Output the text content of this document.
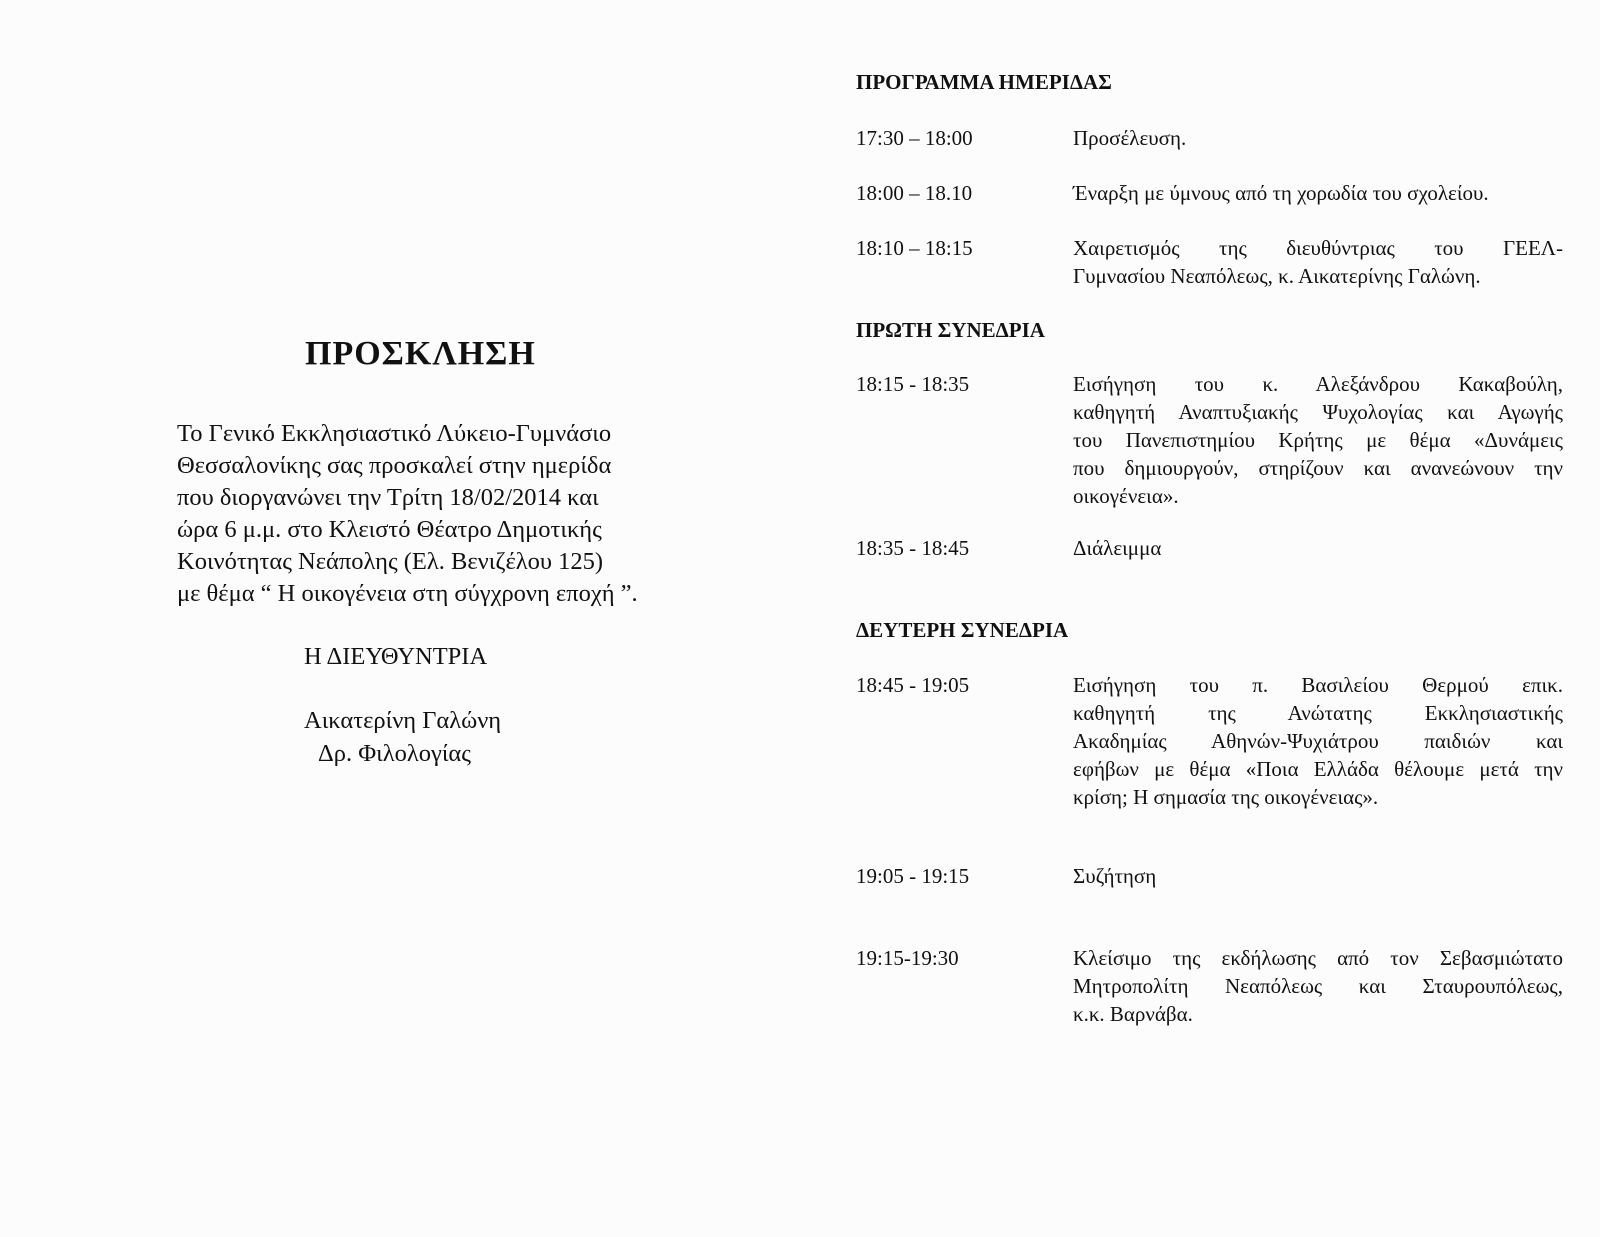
ΠΡΟΣΚΛΗΣΗ
Το Γενικό Εκκλησιαστικό Λύκειο-Γυμνάσιο
Θεσσαλονίκης σας προσκαλεί στην ημερίδα
που διοργανώνει την Τρίτη 18/02/2014 και
ώρα 6 μ.μ. στο Κλειστό Θέατρο Δημοτικής
Κοινότητας Νεάπολης (Ελ. Βενιζέλου 125)
με θέμα “ Η οικογένεια στη σύγχρονη εποχή ”.
Η ΔΙΕΥΘΥΝΤΡΙΑ
Αικατερίνη Γαλώνη
Δρ. Φιλολογίας
ΠΡΟΓΡΑΜΜΑ ΗΜΕΡΙΔΑΣ
17:30 – 18:00	Προσέλευση.
18:00 – 18.10	Έναρξη με ύμνους από τη χορωδία του σχολείου.
18:10 – 18:15	Χαιρετισμός της διευθύντριας του ΓΕΕΛ-
Γυμνασίου Νεαπόλεως, κ. Αικατερίνης Γαλώνη.
ΠΡΩΤΗ ΣΥΝΕΔΡΙΑ
18:15 - 18:35	Εισήγηση του κ. Αλεξάνδρου Κακαβούλη,
καθηγητή Αναπτυξιακής Ψυχολογίας και Αγωγής
του Πανεπιστημίου Κρήτης με θέμα «Δυνάμεις
που δημιουργούν, στηρίζουν και ανανεώνουν την
οικογένεια».
18:35 - 18:45	Διάλειμμα
ΔΕΥΤΕΡΗ ΣΥΝΕΔΡΙΑ
18:45 - 19:05	Εισήγηση του π. Βασιλείου Θερμού επικ.
καθηγητή της Ανώτατης Εκκλησιαστικής
Ακαδημίας Αθηνών-Ψυχιάτρου παιδιών και
εφήβων με θέμα «Ποια Ελλάδα θέλουμε μετά την
κρίση; Η σημασία της οικογένειας».
19:05 - 19:15	Συζήτηση
19:15-19:30	Κλείσιμο της εκδήλωσης από τον Σεβασμιώτατο
Μητροπολίτη Νεαπόλεως και Σταυρουπόλεως,
κ.κ. Βαρνάβα.
